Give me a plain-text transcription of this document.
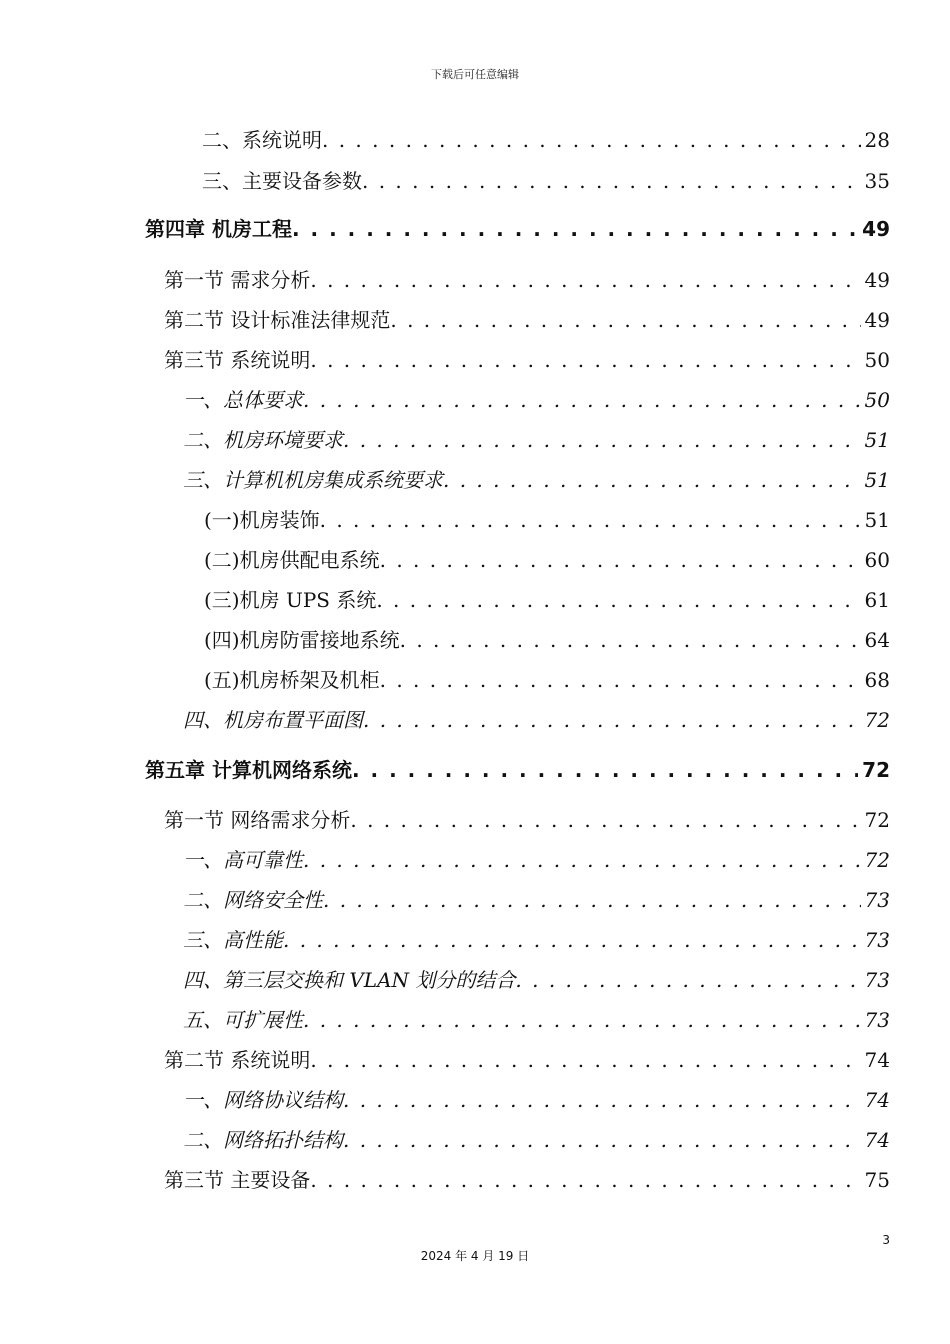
下载后可任意编辑
二、系统说明 . . .	28
三、主要设备参数 . . .	35
第四章 机房工程 . . .	49
第一节 需求分析 . . .	49
第二节 设计标准法律规范 . . .	49
第三节 系统说明 . . .	50
一、总体要求 . . .	50
二、机房环境要求 . . .	51
三、计算机机房集成系统要求 . . .	51
(一)机房装饰 . . .	51
(二)机房供配电系统 . . .	60
(三)机房 UPS 系统 . . .	61
(四)机房防雷接地系统 . . .	64
(五)机房桥架及机柜 . . .	68
四、机房布置平面图 . . .	72
第五章 计算机网络系统 . . .	72
第一节 网络需求分析 . . .	72
一、高可靠性 . . .	72
二、网络安全性 . . .	73
三、高性能 . . .	73
四、第三层交换和 VLAN 划分的结合 . . .	73
五、可扩展性 . . .	73
第二节 系统说明 . . .	74
一、网络协议结构 . . .	74
二、网络拓扑结构 . . .	74
第三节 主要设备 . . .	75
3
2024 年 4 月 19 日
